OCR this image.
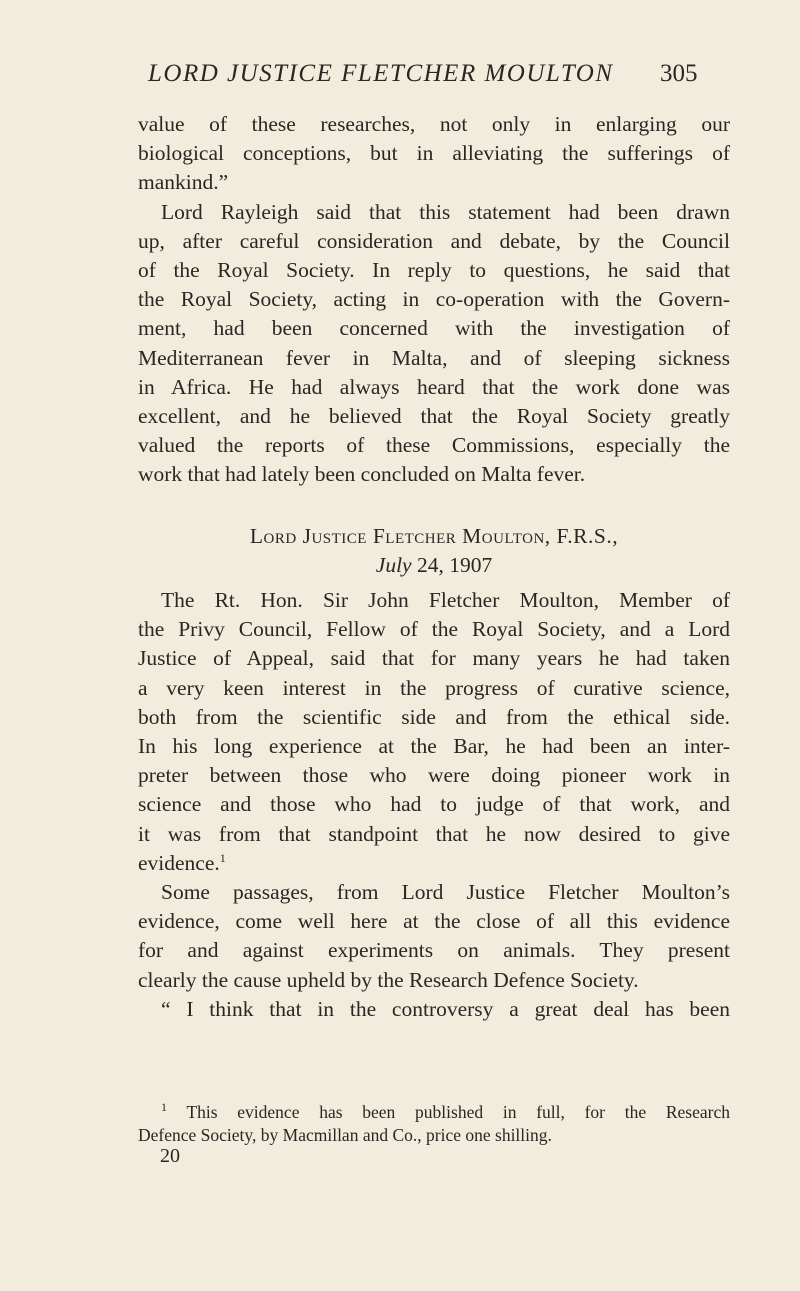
LORD JUSTICE FLETCHER MOULTON 305
value of these researches, not only in enlarging our
biological conceptions, but in alleviating the sufferings of
mankind.”
Lord Rayleigh said that this statement had been drawn
up, after careful consideration and debate, by the Council
of the Royal Society. In reply to questions, he said that
the Royal Society, acting in co-operation with the Govern-
ment, had been concerned with the investigation of
Mediterranean fever in Malta, and of sleeping sickness
in Africa. He had always heard that the work done was
excellent, and he believed that the Royal Society greatly
valued the reports of these Commissions, especially the
work that had lately been concluded on Malta fever.
Lord Justice Fletcher Moulton, F.R.S.,
July 24, 1907
The Rt. Hon. Sir John Fletcher Moulton, Member of
the Privy Council, Fellow of the Royal Society, and a Lord
Justice of Appeal, said that for many years he had taken
a very keen interest in the progress of curative science,
both from the scientific side and from the ethical side.
In his long experience at the Bar, he had been an inter-
preter between those who were doing pioneer work in
science and those who had to judge of that work, and
it was from that standpoint that he now desired to give
evidence.$^1$
Some passages, from Lord Justice Fletcher Moulton’s
evidence, come well here at the close of all this evidence
for and against experiments on animals. They present
clearly the cause upheld by the Research Defence Society.
“ I think that in the controversy a great deal has been
$^1$ This evidence has been published in full, for the Research
Defence Society, by Macmillan and Co., price one shilling.
20
